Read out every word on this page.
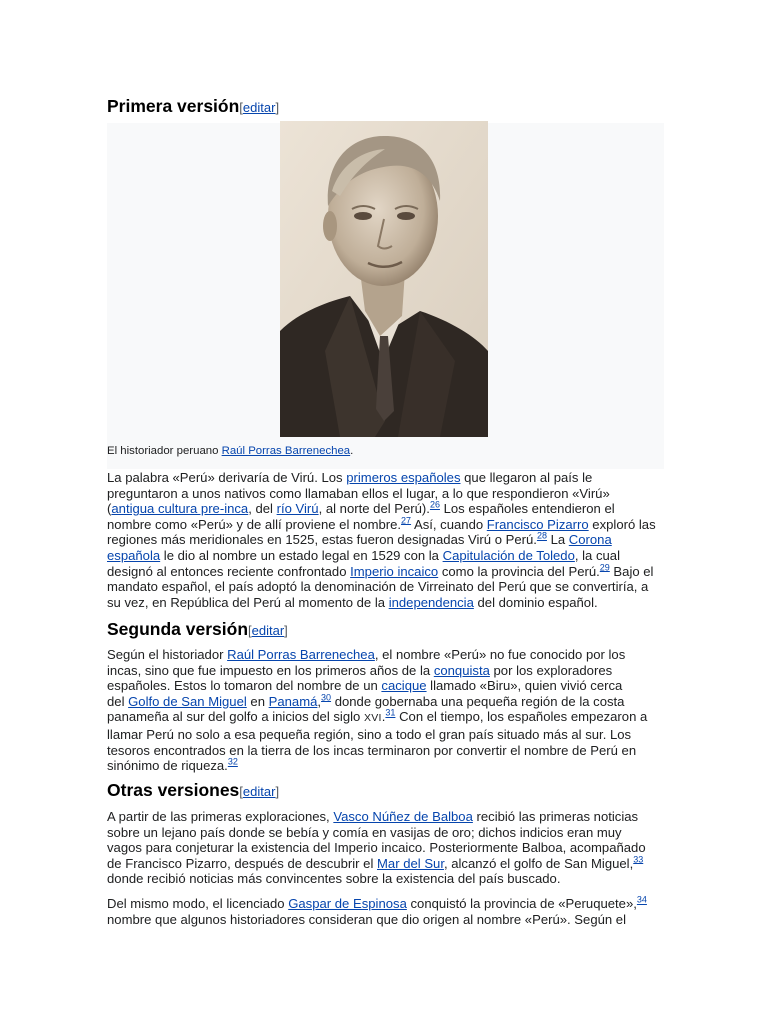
Primera versión[editar]
El historiador peruano Raúl Porras Barrenechea.
La palabra «Perú» derivaría de Virú. Los primeros españoles que llegaron al país le
preguntaron a unos nativos como llamaban ellos el lugar, a lo que respondieron «Virú»
(antigua cultura pre-inca, del río Virú, al norte del Perú).$^{26}$ Los españoles entendieron el
nombre como «Perú» y de allí proviene el nombre.$^{27}$ Así, cuando Francisco Pizarro exploró las
regiones más meridionales en 1525, estas fueron designadas Virú o Perú.$^{28}$ La Corona
española le dio al nombre un estado legal en 1529 con la Capitulación de Toledo, la cual
designó al entonces reciente confrontado Imperio incaico como la provincia del Perú.$^{29}$ Bajo el
mandato español, el país adoptó la denominación de Virreinato del Perú que se convertiría, a
su vez, en República del Perú al momento de la independencia del dominio español.
Segunda versión[editar]
Según el historiador Raúl Porras Barrenechea, el nombre «Perú» no fue conocido por los
incas, sino que fue impuesto en los primeros años de la conquista por los exploradores
españoles. Estos lo tomaron del nombre de un cacique llamado «Biru», quien vivió cerca
del Golfo de San Miguel en Panamá,$^{30}$ donde gobernaba una pequeña región de la costa
panameña al sur del golfo a inicios del siglo XVI.$^{31}$ Con el tiempo, los españoles empezaron a
llamar Perú no solo a esa pequeña región, sino a todo el gran país situado más al sur. Los
tesoros encontrados en la tierra de los incas terminaron por convertir el nombre de Perú en
sinónimo de riqueza.$^{32}$
Otras versiones[editar]
A partir de las primeras exploraciones, Vasco Núñez de Balboa recibió las primeras noticias
sobre un lejano país donde se bebía y comía en vasijas de oro; dichos indicios eran muy
vagos para conjeturar la existencia del Imperio incaico. Posteriormente Balboa, acompañado
de Francisco Pizarro, después de descubrir el Mar del Sur, alcanzó el golfo de San Miguel,$^{33}$
donde recibió noticias más convincentes sobre la existencia del país buscado.
Del mismo modo, el licenciado Gaspar de Espinosa conquistó la provincia de «Peruquete»,$^{34}$
nombre que algunos historiadores consideran que dio origen al nombre «Perú». Según el
